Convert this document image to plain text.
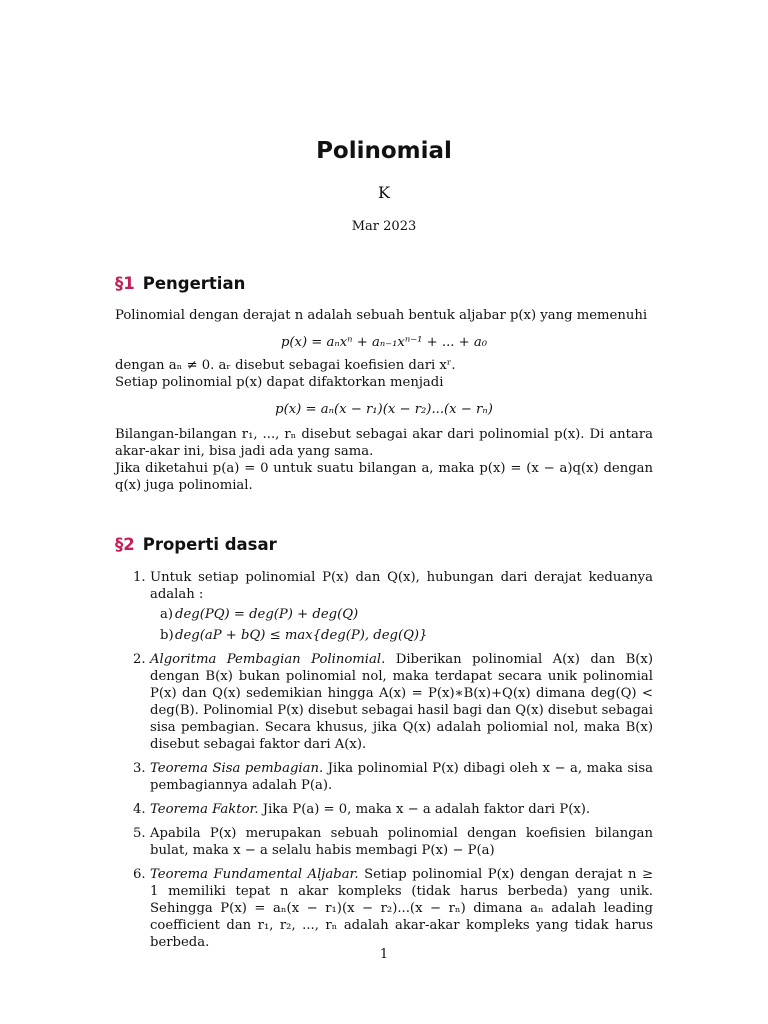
Polinomial
K
Mar 2023
§1 Pengertian

Polinomial dengan derajat n adalah sebuah bentuk aljabar p(x) yang memenuhi

p(x) = aₙxⁿ + aₙ₋₁xⁿ⁻¹ + ... + a₀

dengan aₙ ≠ 0. aᵣ disebut sebagai koefisien dari xʳ.

Setiap polinomial p(x) dapat difaktorkan menjadi

p(x) = aₙ(x − r₁)(x − r₂)...(x − rₙ)

Bilangan-bilangan r₁, ..., rₙ disebut sebagai akar dari polinomial p(x). Di antara akar-akar ini, bisa jadi ada yang sama.

Jika diketahui p(a) = 0 untuk suatu bilangan a, maka p(x) = (x − a)q(x) dengan q(x) juga polinomial.

§2 Properti dasar
1. Untuk setiap polinomial P(x) dan Q(x), hubungan dari derajat keduanya adalah :
a) deg(PQ) = deg(P) + deg(Q)
b) deg(aP + bQ) ≤ max{deg(P), deg(Q)}
2. Algoritma Pembagian Polinomial. Diberikan polinomial A(x) dan B(x) dengan B(x) bukan polinomial nol, maka terdapat secara unik polinomial P(x) dan Q(x) sedemikian hingga A(x) = P(x)∗B(x)+Q(x) dimana deg(Q) < deg(B). Polinomial P(x) disebut sebagai hasil bagi dan Q(x) disebut sebagai sisa pembagian. Secara khusus, jika Q(x) adalah poliomial nol, maka B(x) disebut sebagai faktor dari A(x).
3. Teorema Sisa pembagian. Jika polinomial P(x) dibagi oleh x − a, maka sisa pembagiannya adalah P(a).
4. Teorema Faktor. Jika P(a) = 0, maka x − a adalah faktor dari P(x).
5. Apabila P(x) merupakan sebuah polinomial dengan koefisien bilangan bulat, maka x − a selalu habis membagi P(x) − P(a)
6. Teorema Fundamental Aljabar. Setiap polinomial P(x) dengan derajat n ≥ 1 memiliki tepat n akar kompleks (tidak harus berbeda) yang unik. Sehingga P(x) = aₙ(x − r₁)(x − r₂)...(x − rₙ) dimana aₙ adalah leading coefficient dan r₁, r₂, ..., rₙ adalah akar-akar kompleks yang tidak harus berbeda.
1
